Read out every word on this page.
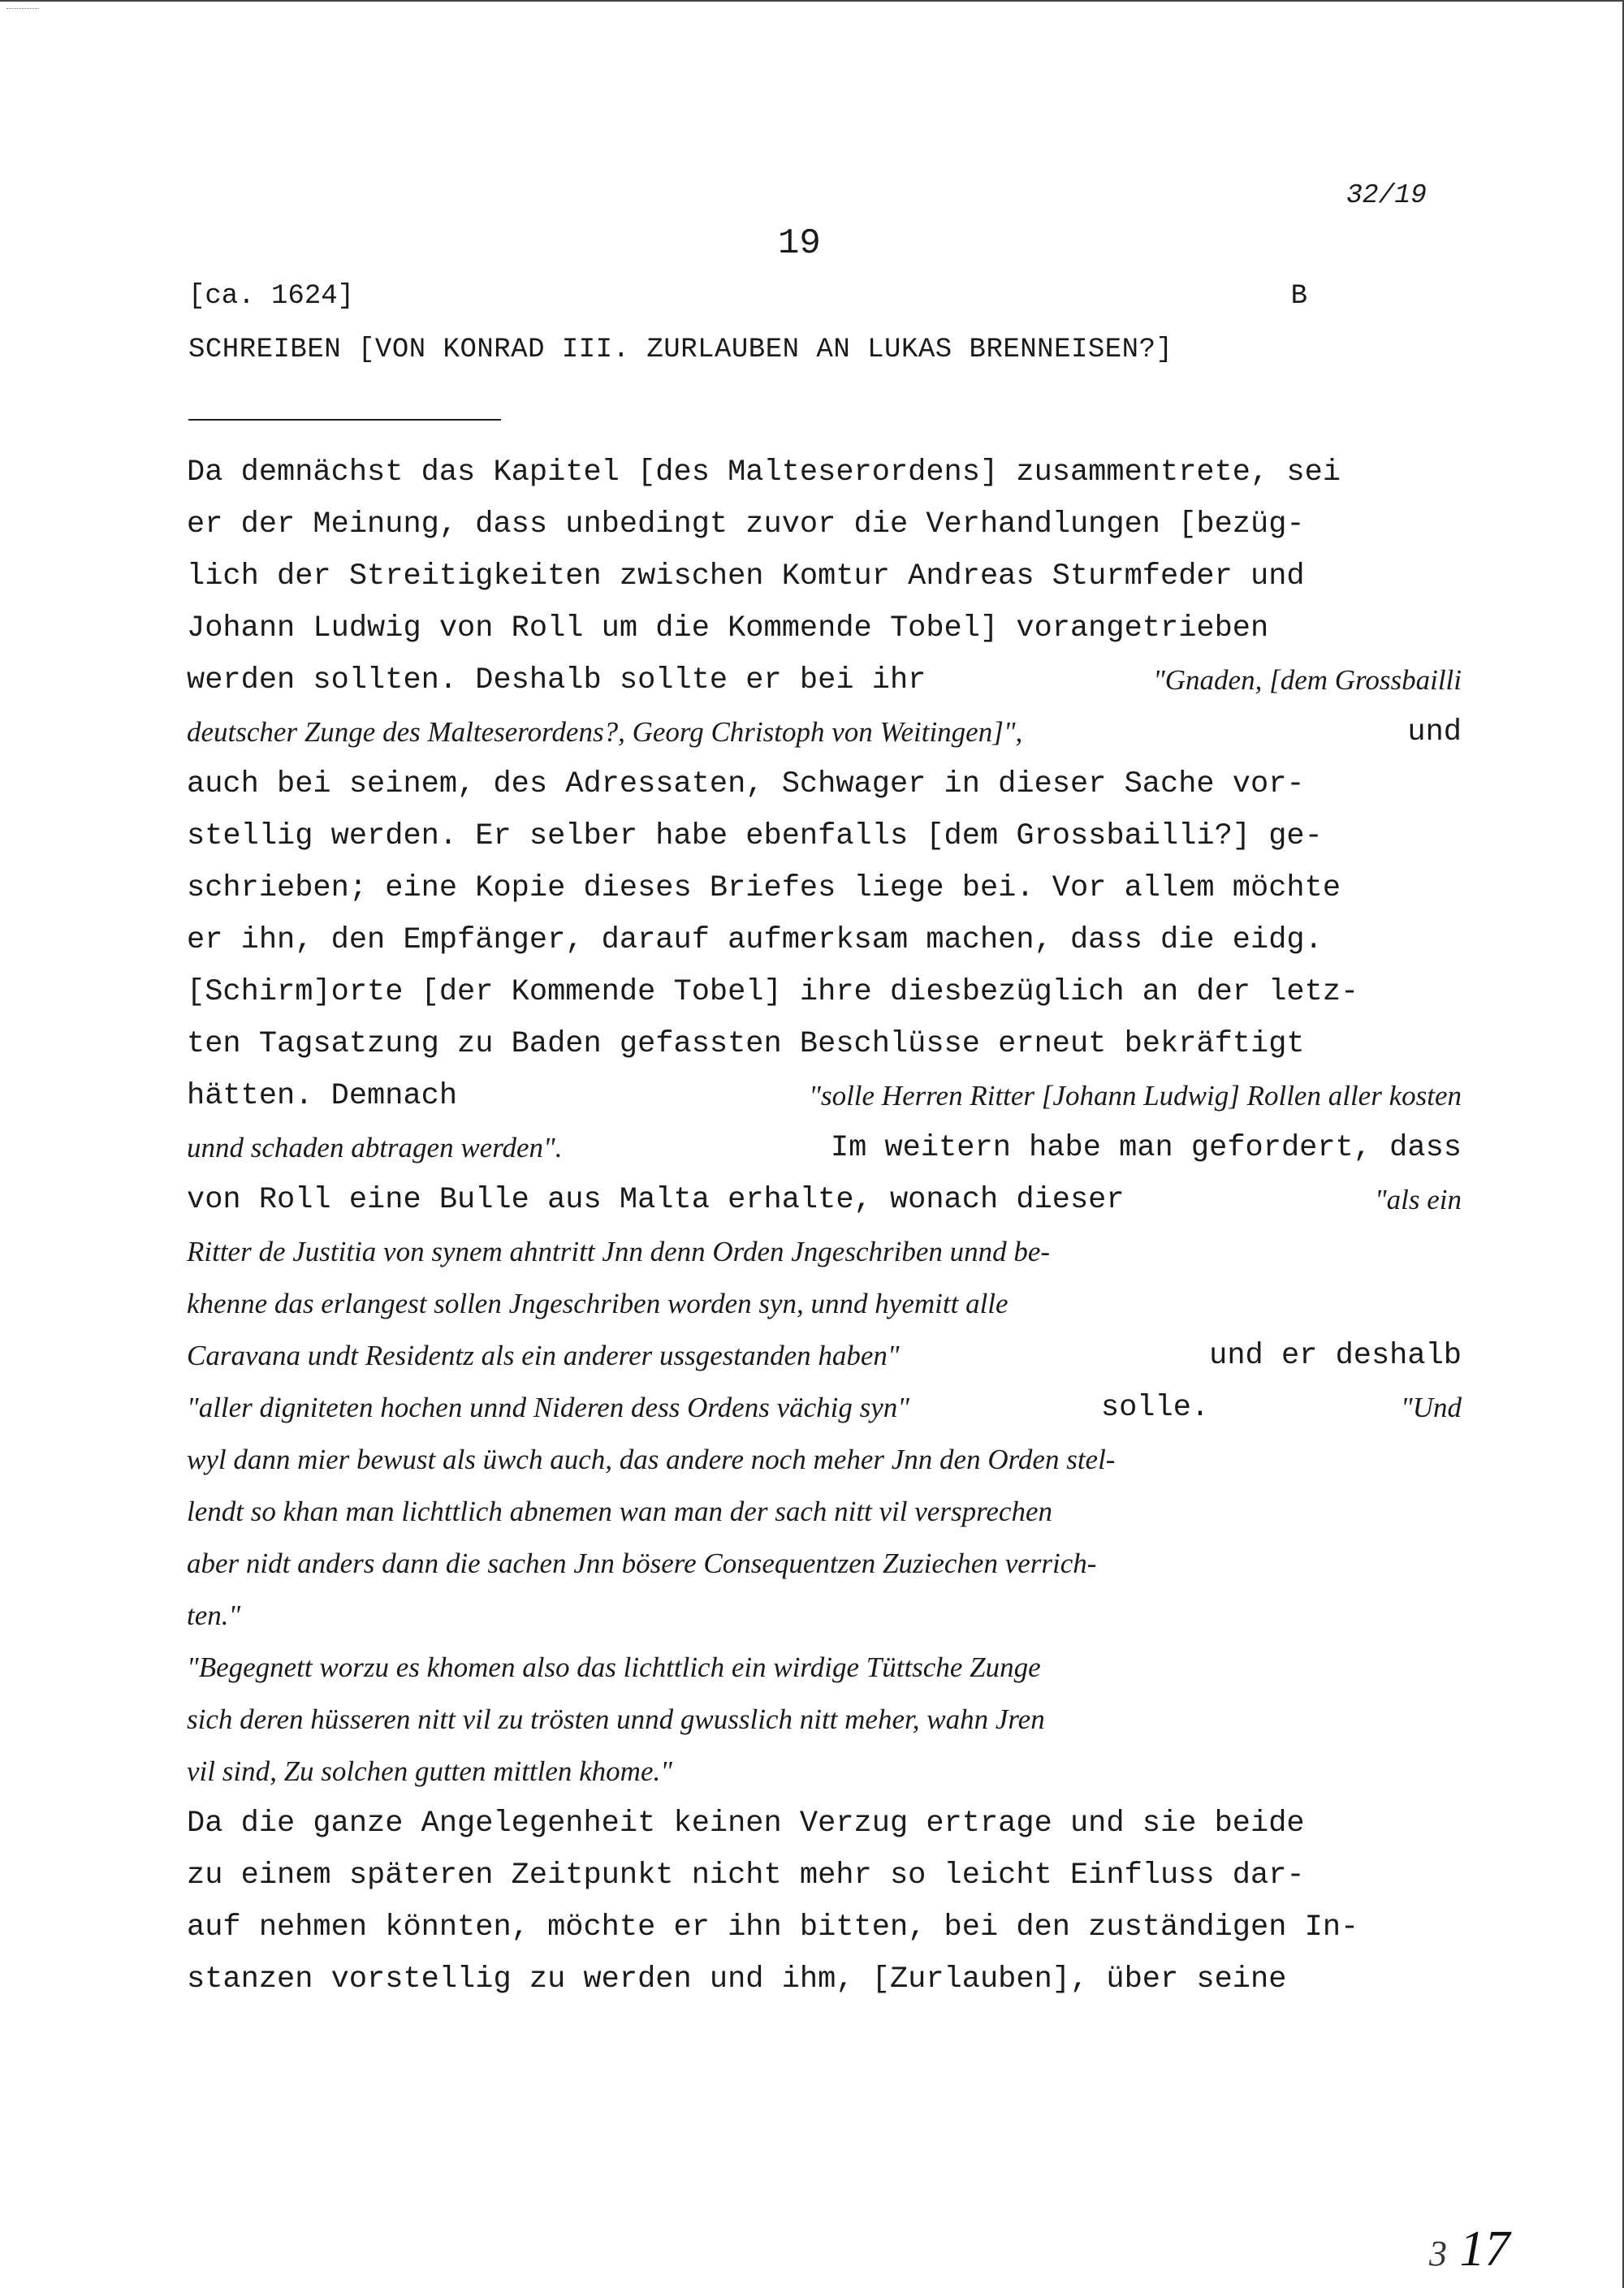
32/19
19
[ca. 1624]	B
SCHREIBEN [VON KONRAD III. ZURLAUBEN AN LUKAS BRENNEISEN?]
Da demnächst das Kapitel [des Malteserordens] zusammentrete, sei
er der Meinung, dass unbedingt zuvor die Verhandlungen [bezüg-
lich der Streitigkeiten zwischen Komtur Andreas Sturmfeder und
Johann Ludwig von Roll um die Kommende Tobel] vorangetrieben
werden sollten. Deshalb sollte er bei ihr	"Gnaden, [dem Grossbailli
deutscher Zunge des Malteserordens?, Georg Christoph von Weitingen]",	und
auch bei seinem, des Adressaten, Schwager in dieser Sache vor-
stellig werden. Er selber habe ebenfalls [dem Grossbailli?] ge-
schrieben; eine Kopie dieses Briefes liege bei. Vor allem möchte
er ihn, den Empfänger, darauf aufmerksam machen, dass die eidg.
[Schirm]orte [der Kommende Tobel] ihre diesbezüglich an der letz-
ten Tagsatzung zu Baden gefassten Beschlüsse erneut bekräftigt
hätten. Demnach	"solle Herren Ritter [Johann Ludwig] Rollen aller kosten
unnd schaden abtragen werden".	Im weitern habe man gefordert, dass
von Roll eine Bulle aus Malta erhalte, wonach dieser	"als ein
Ritter de Justitia von synem ahntritt Jnn denn Orden Jngeschriben unnd be-
khenne das erlangest sollen Jngeschriben worden syn, unnd hyemitt alle
Caravana undt Residentz als ein anderer ussgestanden haben"	und er deshalb
"aller digniteten hochen unnd Nideren dess Ordens vächig syn"	solle.	"Und
wyl dann mier bewust als üwch auch, das andere noch meher Jnn den Orden stel-
lendt so khan man lichttlich abnemen wan man der sach nitt vil versprechen
aber nidt anders dann die sachen Jnn bösere Consequentzen Zuziechen verrich-
ten."
"Begegnett worzu es khomen also das lichttlich ein wirdige Tüttsche Zunge
sich deren hüsseren nitt vil zu trösten unnd gwusslich nitt meher, wahn Jren
vil sind, Zu solchen gutten mittlen khome."
Da die ganze Angelegenheit keinen Verzug ertrage und sie beide
zu einem späteren Zeitpunkt nicht mehr so leicht Einfluss dar-
auf nehmen könnten, möchte er ihn bitten, bei den zuständigen In-
stanzen vorstellig zu werden und ihm, [Zurlauben], über seine
3 17
